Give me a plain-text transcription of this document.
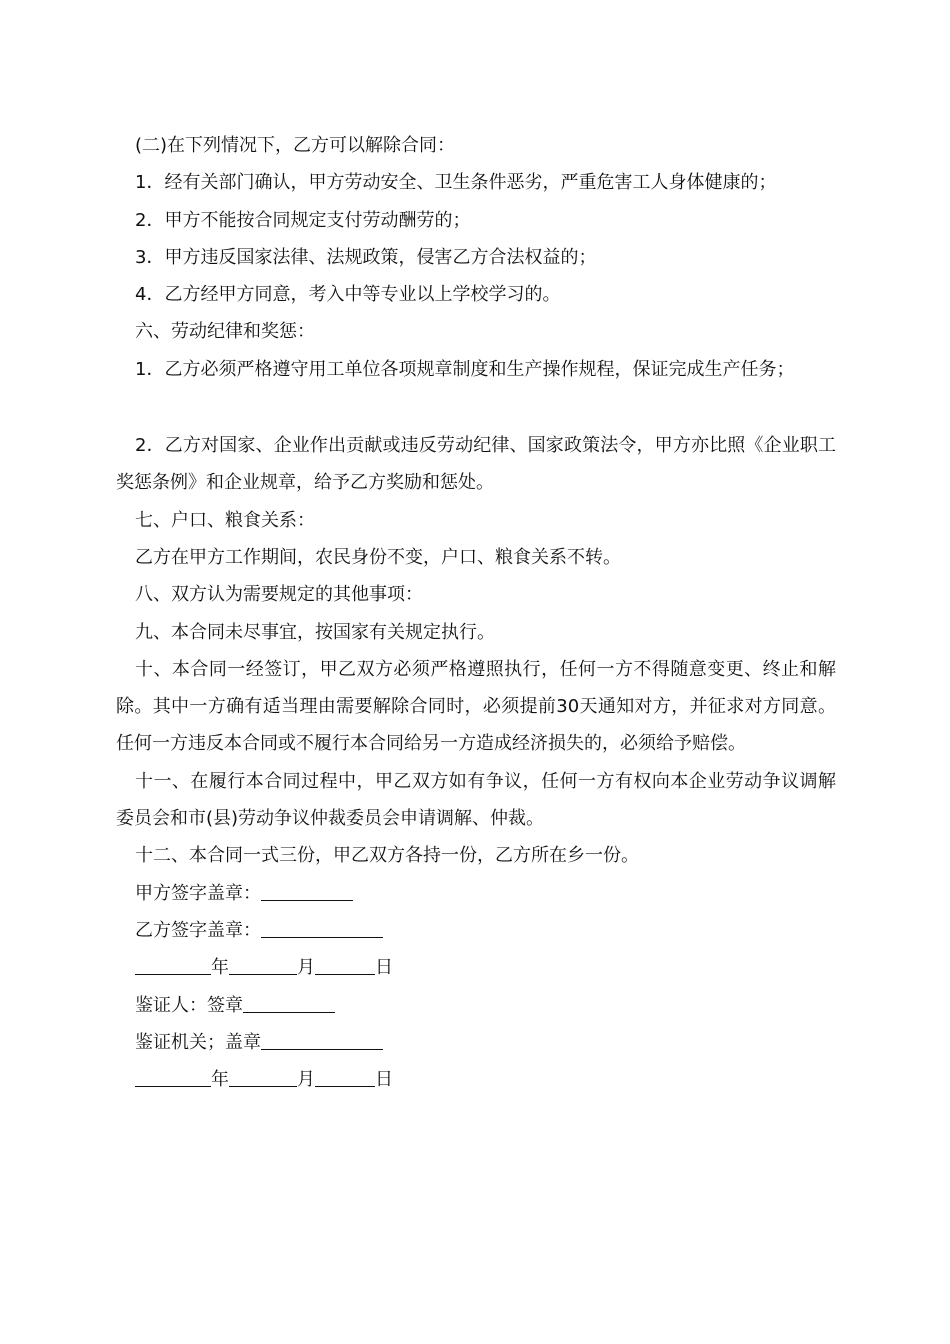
(二)在下列情况下，乙方可以解除合同：

1．经有关部门确认，甲方劳动安全、卫生条件恶劣，严重危害工人身体健康的；

2．甲方不能按合同规定支付劳动酬劳的；

3．甲方违反国家法律、法规政策，侵害乙方合法权益的；

4．乙方经甲方同意，考入中等专业以上学校学习的。

六、劳动纪律和奖惩：

1．乙方必须严格遵守用工单位各项规章制度和生产操作规程，保证完成生产任务；

2．乙方对国家、企业作出贡献或违反劳动纪律、国家政策法令，甲方亦比照《企业职工奖惩条例》和企业规章，给予乙方奖励和惩处。

七、户口、粮食关系：

乙方在甲方工作期间，农民身份不变，户口、粮食关系不转。

八、双方认为需要规定的其他事项：

九、本合同未尽事宜，按国家有关规定执行。

十、本合同一经签订，甲乙双方必须严格遵照执行，任何一方不得随意变更、终止和解除。其中一方确有适当理由需要解除合同时，必须提前30天通知对方，并征求对方同意。任何一方违反本合同或不履行本合同给另一方造成经济损失的，必须给予赔偿。

十一、在履行本合同过程中，甲乙双方如有争议，任何一方有权向本企业劳动争议调解委员会和市(县)劳动争议仲裁委员会申请调解、仲裁。

十二、本合同一式三份，甲乙双方各持一份，乙方所在乡一份。

甲方签字盖章：

乙方签字盖章：

年	月	日

鉴证人：签章

鉴证机关；盖章

年	月	日
